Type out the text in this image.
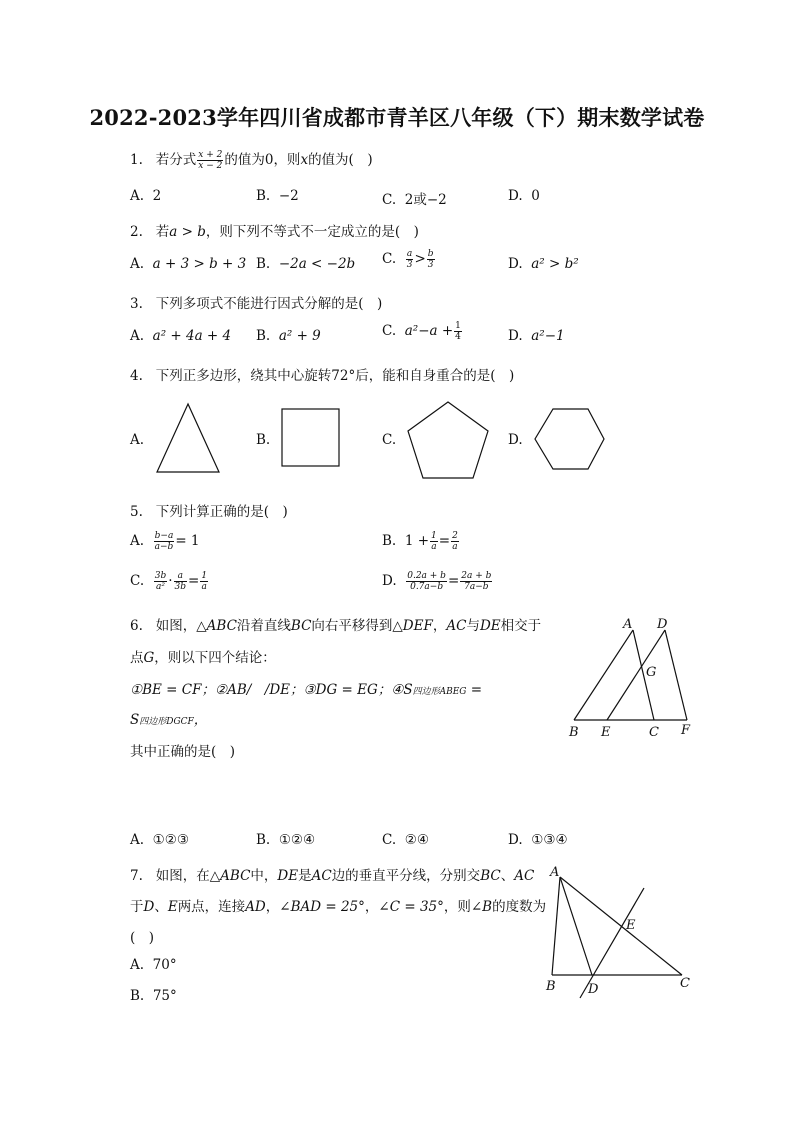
2022-2023学年四川省成都市青羊区八年级（下）期末数学试卷
1. 若分式 $\frac{x + 2}{x - 2}$ 的值为0，则x的值为(　)
A. 2	B. −2	C. 2或−2	D. 0
2. 若a > b，则下列不等式不一定成立的是(　)
A. a + 3 > b + 3 B. −2a < −2b C. $\frac{a}{3} > \frac{b}{3}$	D. a² > b²
3. 下列多项式不能进行因式分解的是(　)
A. a² + 4a + 4 B. a² + 9	C. $a^2-a + \frac{1}{4}$	D. a²−1
4. 下列正多边形，绕其中心旋转72°后，能和自身重合的是(　)
A.	B.	C.	D.
5. 下列计算正确的是(　)
A. $\frac{b-a}{a-b} = 1$	B. $1 + \frac{1}{a} = \frac{2}{a}$
C. $\frac{3b}{\text{a²}} \cdot \frac{a}{3b} = \frac{1}{a}$	D. $\frac{0.2a + b}{0.7a-b} = \frac{2a + b}{7a-b}$
6. 如图，△ABC沿着直线BC向右平移得到△DEF，AC与DE相交于
点G，则以下四个结论：
①BE = CF；②AB/　/DE；③DG = EG；④S四边形ABEG =
S四边形DGCF，
其中正确的是(　)
A. ①②③	B. ①②④	C. ②④	D. ①③④
A D
G
B E	C F
7. 如图，在△ABC中，DE是AC边的垂直平分线，分别交BC、AC
于D、E两点，连接AD，∠BAD = 25°，∠C = 35°，则∠B的度数为
(　)
A. 70°
B. 75°
A
E
B D	C
